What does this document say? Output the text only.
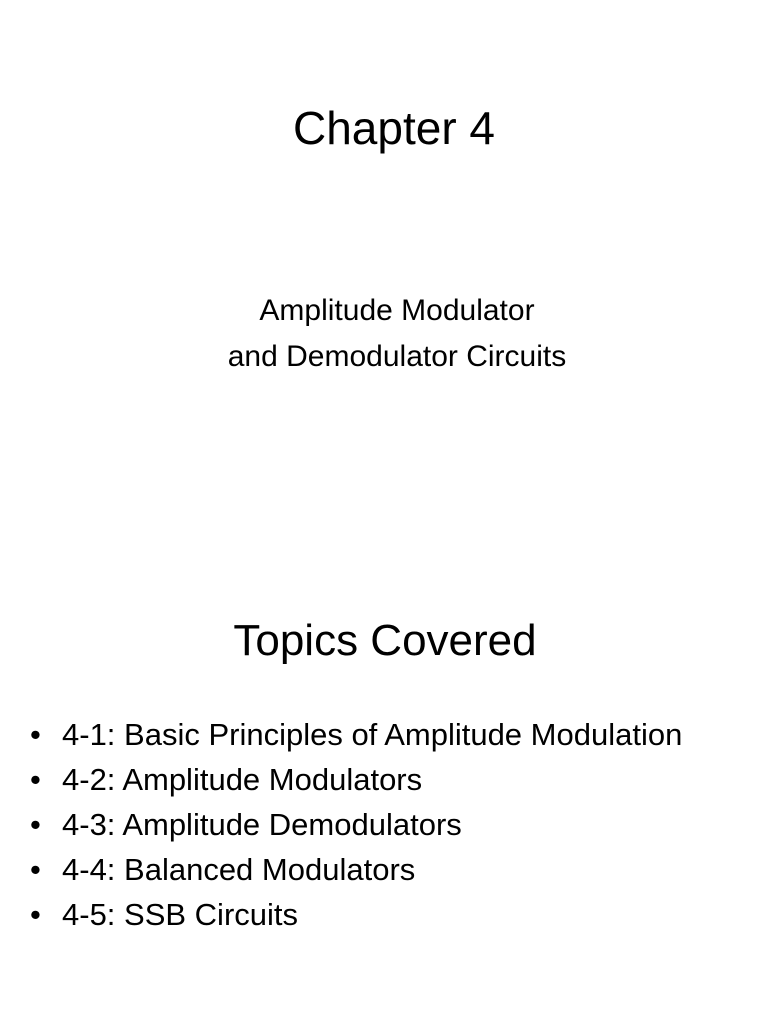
Chapter 4

Amplitude Modulator
and Demodulator Circuits

Topics Covered
• 4-1: Basic Principles of Amplitude Modulation
• 4-2: Amplitude Modulators
• 4-3: Amplitude Demodulators
• 4-4: Balanced Modulators
• 4-5: SSB Circuits
